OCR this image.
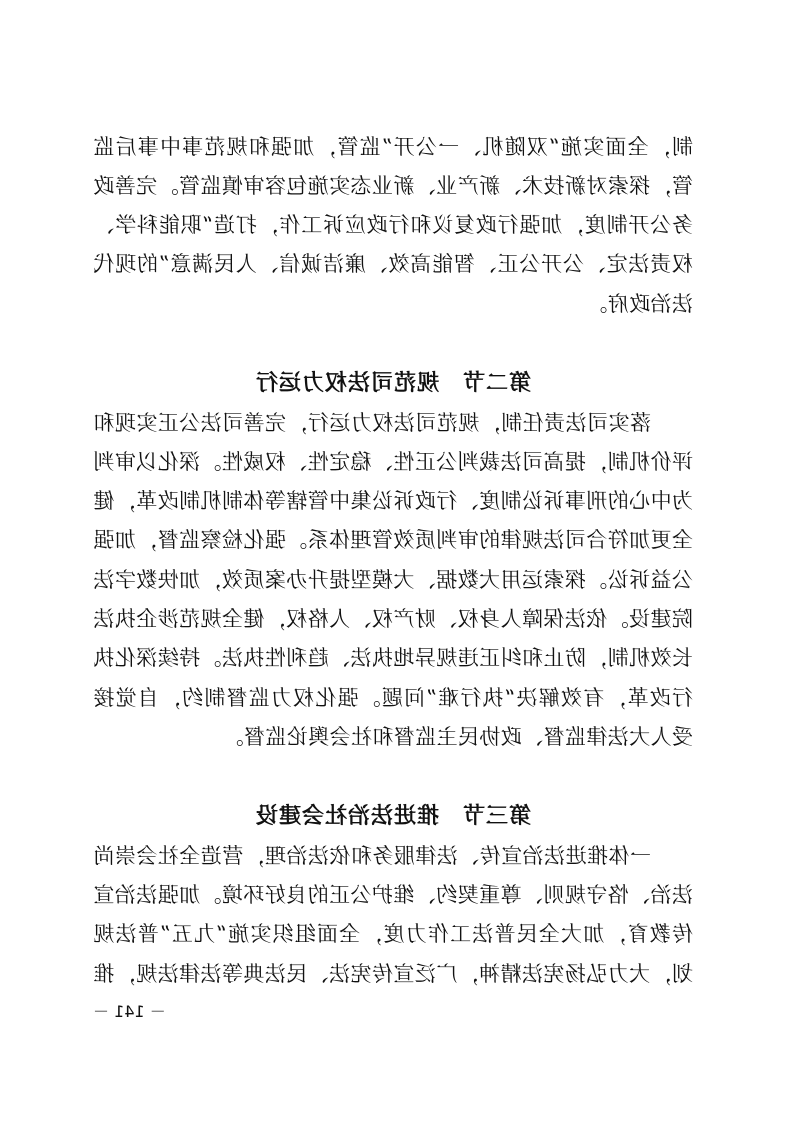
制，全面实施“双随机、一公开”监管，加强和规范事中事后监
管，探索对新技术、新产业、新业态实施包容审慎监管。完善政
务公开制度，加强行政复议和行政应诉工作，打造“职能科学、
权责法定、公开公正、智能高效、廉洁诚信、人民满意”的现代
法治政府。
第二节　规范司法权力运行
落实司法责任制，规范司法权力运行，完善司法公正实现和
评价机制，提高司法裁判公正性、稳定性、权威性。深化以审判
为中心的刑事诉讼制度、行政诉讼集中管辖等体制机制改革，健
全更加符合司法规律的审判质效管理体系。强化检察监督，加强
公益诉讼。探索运用大数据、大模型提升办案质效，加快数字法
院建设。依法保障人身权、财产权、人格权，健全规范涉企执法
长效机制，防止和纠正违规异地执法、趋利性执法。持续深化执
行改革，有效解决“执行难”问题。强化权力监督制约，自觉接
受人大法律监督、政协民主监督和社会舆论监督。
第三节　推进法治社会建设
一体推进法治宣传、法律服务和依法治理，营造全社会崇尚
法治、恪守规则、尊重契约、维护公正的良好环境。加强法治宣
传教育，加大全民普法工作力度，全面组织实施“九五”普法规
划，大力弘扬宪法精神，广泛宣传宪法、民法典等法律法规，推
－ 141 －
